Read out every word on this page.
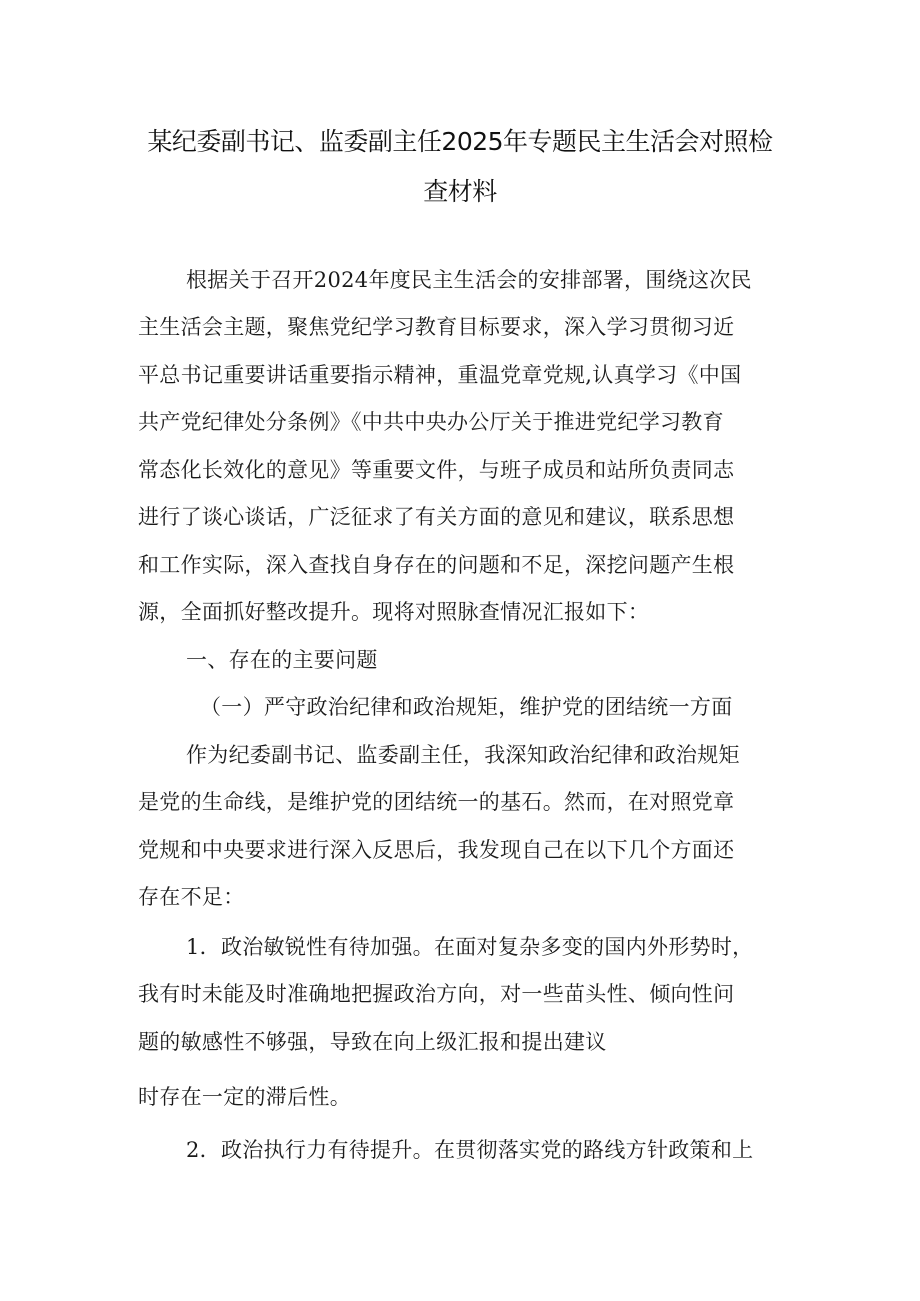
某纪委副书记、监委副主任2025年专题民主生活会对照检
查材料
根据关于召开2024年度民主生活会的安排部署，围绕这次民
主生活会主题，聚焦党纪学习教育目标要求，深入学习贯彻习近
平总书记重要讲话重要指示精神，重温党章党规,认真学习《中国
共产党纪律处分条例》《中共中央办公厅关于推进党纪学习教育
常态化长效化的意见》等重要文件，与班子成员和站所负责同志
进行了谈心谈话，广泛征求了有关方面的意见和建议，联系思想
和工作实际，深入查找自身存在的问题和不足，深挖问题产生根
源，全面抓好整改提升。现将对照脉查情况汇报如下：
一、存在的主要问题
（一）严守政治纪律和政治规矩，维护党的团结统一方面
作为纪委副书记、监委副主任，我深知政治纪律和政治规矩
是党的生命线，是维护党的团结统一的基石。然而，在对照党章
党规和中央要求进行深入反思后，我发现自己在以下几个方面还
存在不足：
1．政治敏锐性有待加强。在面对复杂多变的国内外形势时，
我有时未能及时准确地把握政治方向，对一些苗头性、倾向性问
题的敏感性不够强，导致在向上级汇报和提出建议
时存在一定的滞后性。
2．政治执行力有待提升。在贯彻落实党的路线方针政策和上
